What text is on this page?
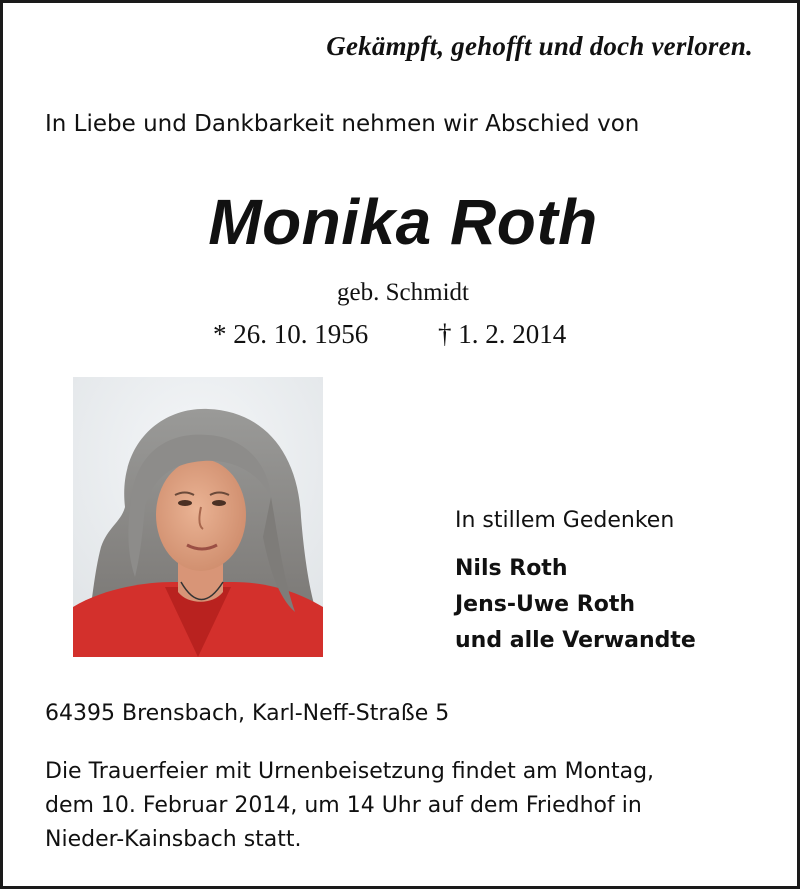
Gekämpft, gehofft und doch verloren.
In Liebe und Dankbarkeit nehmen wir Abschied von
Monika Roth
geb. Schmidt
* 26. 10. 1956	† 1. 2. 2014
In stillem Gedenken
Nils Roth
Jens-Uwe Roth
und alle Verwandte
64395 Brensbach, Karl-Neff-Straße 5
Die Trauerfeier mit Urnenbeisetzung findet am Montag,
dem 10. Februar 2014, um 14 Uhr auf dem Friedhof in
Nieder-Kainsbach statt.
